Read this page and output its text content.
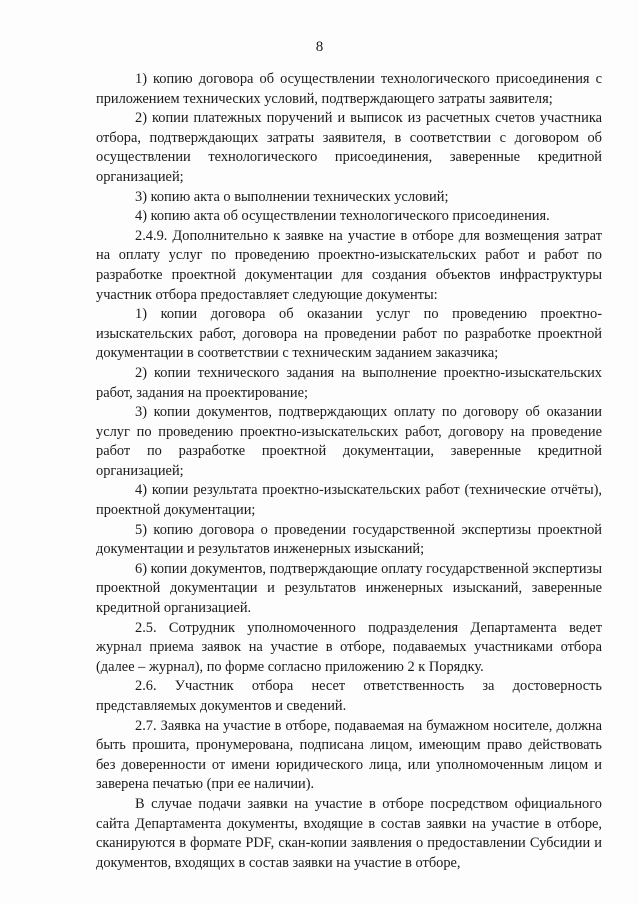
8

1) копию договора об осуществлении технологического присоединения с приложением технических условий, подтверждающего затраты заявителя;

2) копии платежных поручений и выписок из расчетных счетов участника отбора, подтверждающих затраты заявителя, в соответствии с договором об осуществлении технологического присоединения, заверенные кредитной организацией;

3) копию акта о выполнении технических условий;

4) копию акта об осуществлении технологического присоединения.

2.4.9. Дополнительно к заявке на участие в отборе для возмещения затрат на оплату услуг по проведению проектно-изыскательских работ и работ по разработке проектной документации для создания объектов инфраструктуры участник отбора предоставляет следующие документы:

1) копии договора об оказании услуг по проведению проектно-изыскательских работ, договора на проведении работ по разработке проектной документации в соответствии с техническим заданием заказчика;

2) копии технического задания на выполнение проектно-изыскательских работ, задания на проектирование;

3) копии документов, подтверждающих оплату по договору об оказании услуг по проведению проектно-изыскательских работ, договору на проведение работ по разработке проектной документации, заверенные кредитной организацией;

4) копии результата проектно-изыскательских работ (технические отчёты), проектной документации;

5) копию договора о проведении государственной экспертизы проектной документации и результатов инженерных изысканий;

6) копии документов, подтверждающие оплату государственной экспертизы проектной документации и результатов инженерных изысканий, заверенные кредитной организацией.

2.5. Сотрудник уполномоченного подразделения Департамента ведет журнал приема заявок на участие в отборе, подаваемых участниками отбора (далее – журнал), по форме согласно приложению 2 к Порядку.

2.6. Участник отбора несет ответственность за достоверность представляемых документов и сведений.

2.7. Заявка на участие в отборе, подаваемая на бумажном носителе, должна быть прошита, пронумерована, подписана лицом, имеющим право действовать без доверенности от имени юридического лица, или уполномоченным лицом и заверена печатью (при ее наличии).

В случае подачи заявки на участие в отборе посредством официального сайта Департамента документы, входящие в состав заявки на участие в отборе, сканируются в формате PDF, скан-копии заявления о предоставлении Субсидии и документов, входящих в состав заявки на участие в отборе,
